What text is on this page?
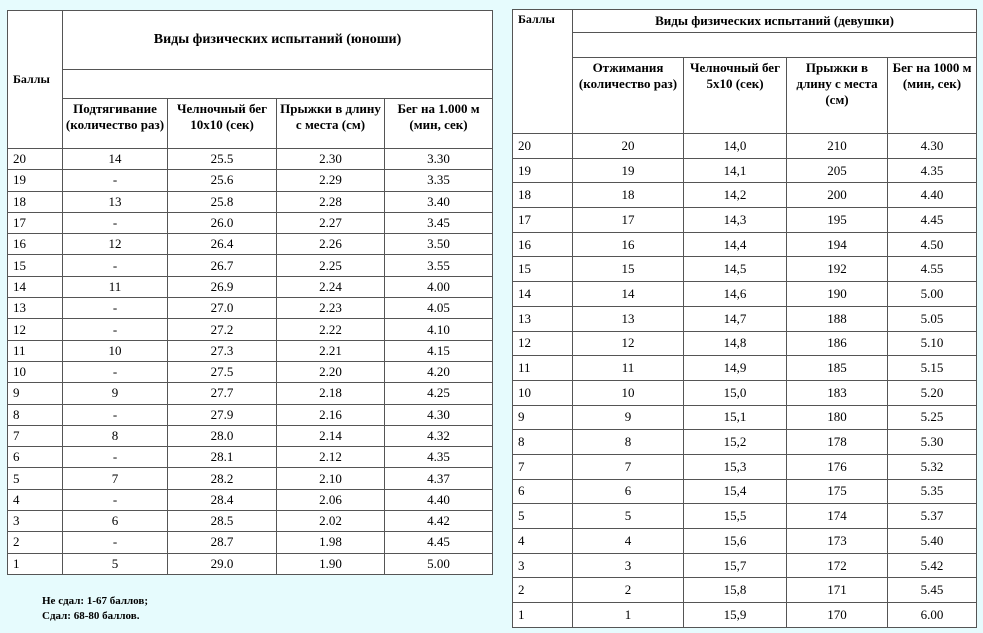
Баллы	Виды физических испытаний (юноши)			

	Подтягивание (количество раз)	Челночный бег 10х10 (сек)	Прыжки в длину с места (см)	Бег на 1.000 м (мин, сек)
20	14	25.5	2.30	3.30
19	-	25.6	2.29	3.35
18	13	25.8	2.28	3.40
17	-	26.0	2.27	3.45
16	12	26.4	2.26	3.50
15	-	26.7	2.25	3.55
14	11	26.9	2.24	4.00
13	-	27.0	2.23	4.05
12	-	27.2	2.22	4.10
11	10	27.3	2.21	4.15
10	-	27.5	2.20	4.20
9	9	27.7	2.18	4.25
8	-	27.9	2.16	4.30
7	8	28.0	2.14	4.32
6	-	28.1	2.12	4.35
5	7	28.2	2.10	4.37
4	-	28.4	2.06	4.40
3	6	28.5	2.02	4.42
2	-	28.7	1.98	4.45
1	5	29.0	1.90	5.00
Баллы	Виды физических испытаний (девушки)			

	Отжимания (количество раз)	Челночный бег 5х10 (сек)	Прыжки в длину с места (см)	Бег на 1000 м (мин, сек)
20	20	14,0	210	4.30
19	19	14,1	205	4.35
18	18	14,2	200	4.40
17	17	14,3	195	4.45
16	16	14,4	194	4.50
15	15	14,5	192	4.55
14	14	14,6	190	5.00
13	13	14,7	188	5.05
12	12	14,8	186	5.10
11	11	14,9	185	5.15
10	10	15,0	183	5.20
9	9	15,1	180	5.25
8	8	15,2	178	5.30
7	7	15,3	176	5.32
6	6	15,4	175	5.35
5	5	15,5	174	5.37
4	4	15,6	173	5.40
3	3	15,7	172	5.42
2	2	15,8	171	5.45
1	1	15,9	170	6.00
Не сдал: 1-67 баллов;
Сдал: 68-80 баллов.
